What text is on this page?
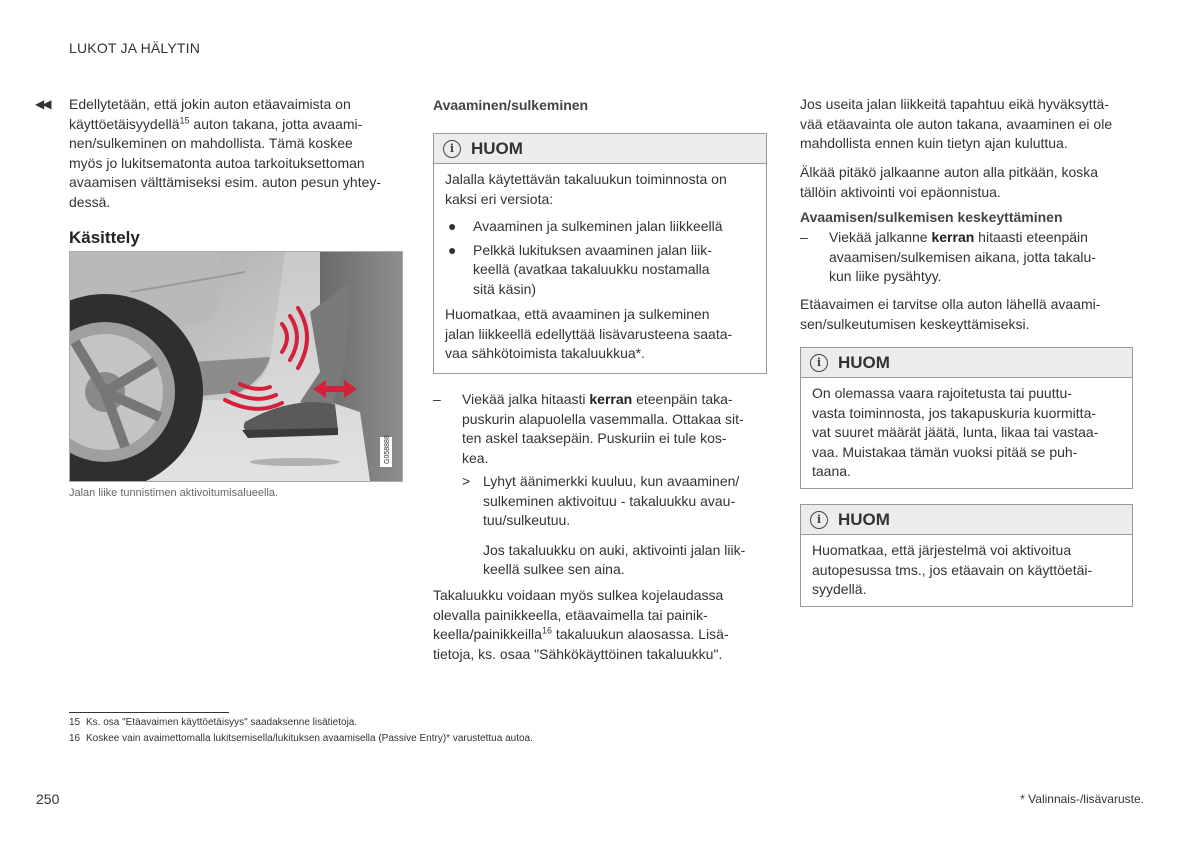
LUKOT JA HÄLYTIN
◀◀ Edellytetään, että jokin auton etäavaimista on
käyttöetäisyydellä$^{15}$ auton takana, jotta avaami-
nen/sulkeminen on mahdollista. Tämä koskee
myös jo lukitsematonta autoa tarkoituksettoman
avaamisen välttämiseksi esim. auton pesun yhtey-
dessä.
Käsittely
G058888
Jalan liike tunnistimen aktivoitumisalueella.
Avaaminen/sulkeminen
i HUOM
Jalalla käytettävän takaluukun toiminnosta on
kaksi eri versiota:
● Avaaminen ja sulkeminen jalan liikkeellä
● Pelkkä lukituksen avaaminen jalan liik-
keellä (avatkaa takaluukku nostamalla
sitä käsin)
Huomatkaa, että avaaminen ja sulkeminen
jalan liikkeellä edellyttää lisävarusteena saata-
vaa sähkötoimista takaluukkua*.
– Viekää jalka hitaasti kerran eteenpäin taka-
puskurin alapuolella vasemmalla. Ottakaa sit-
ten askel taaksepäin. Puskuriin ei tule kos-
kea.
> Lyhyt äänimerkki kuuluu, kun avaaminen/
sulkeminen aktivoituu - takaluukku avau-
tuu/sulkeutuu.
Jos takaluukku on auki, aktivointi jalan liik-
keellä sulkee sen aina.
Takaluukku voidaan myös sulkea kojelaudassa
olevalla painikkeella, etäavaimella tai painik-
keella/painikkeilla$^{16}$ takaluukun alaosassa. Lisä-
tietoja, ks. osaa "Sähkökäyttöinen takaluukku".
Jos useita jalan liikkeitä tapahtuu eikä hyväksyttä-
vää etäavainta ole auton takana, avaaminen ei ole
mahdollista ennen kuin tietyn ajan kuluttua.
Älkää pitäkö jalkaanne auton alla pitkään, koska
tällöin aktivointi voi epäonnistua.
Avaamisen/sulkemisen keskeyttäminen
– Viekää jalkanne kerran hitaasti eteenpäin
avaamisen/sulkemisen aikana, jotta takalu-
kun liike pysähtyy.
Etäavaimen ei tarvitse olla auton lähellä avaami-
sen/sulkeutumisen keskeyttämiseksi.
i HUOM
On olemassa vaara rajoitetusta tai puuttu-
vasta toiminnosta, jos takapuskuria kuormitta-
vat suuret määrät jäätä, lunta, likaa tai vastaa-
vaa. Muistakaa tämän vuoksi pitää se puh-
taana.
i HUOM
Huomatkaa, että järjestelmä voi aktivoitua
autopesussa tms., jos etäavain on käyttöetäi-
syydellä.
15 Ks. osa "Etäavaimen käyttöetäisyys" saadaksenne lisätietoja.
16 Koskee vain avaimettomalla lukitsemisella/lukituksen avaamisella (Passive Entry)* varustettua autoa.
250	* Valinnais-/lisävaruste.
